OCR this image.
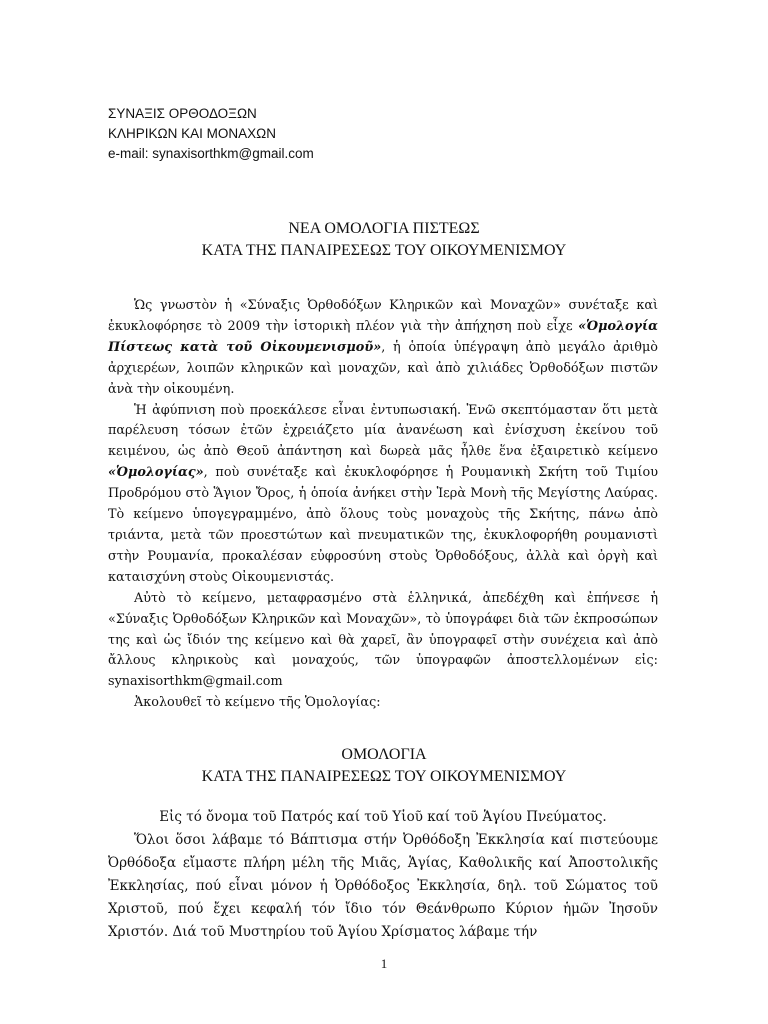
ΣΥΝΑΞΙΣ ΟΡΘΟΔΟΞΩΝ
ΚΛΗΡΙΚΩΝ ΚΑΙ ΜΟΝΑΧΩΝ
e-mail: synaxisorthkm@gmail.com
ΝΕΑ ΟΜΟΛΟΓΙΑ ΠΙΣΤΕΩΣ
ΚΑΤΑ ΤΗΣ ΠΑΝΑΙΡΕΣΕΩΣ ΤΟΥ ΟΙΚΟΥΜΕΝΙΣΜΟΥ

Ὡς γνωστὸν ἡ «Σύναξις Ὀρθοδόξων Κληρικῶν καὶ Μοναχῶν» συνέταξε καὶ ἐκυκλοφόρησε τὸ 2009 τὴν ἱστορικὴ πλέον γιὰ τὴν ἀπήχηση ποὺ εἶχε «Ὁμολογία Πίστεως κατὰ τοῦ Οἰκουμενισμοῦ», ἡ ὁποία ὑπέγραψη ἀπὸ μεγάλο ἀριθμὸ ἀρχιερέων, λοιπῶν κληρικῶν καὶ μοναχῶν, καὶ ἀπὸ χιλιάδες Ὀρθοδόξων πιστῶν ἀνὰ τὴν οἰκουμένη.

Ἡ ἀφύπνιση ποὺ προεκάλεσε εἶναι ἐντυπωσιακή. Ἐνῶ σκεπτόμασταν ὅτι μετὰ παρέλευση τόσων ἐτῶν ἐχρειάζετο μία ἀνανέωση καὶ ἐνίσχυση ἐκείνου τοῦ κειμένου, ὡς ἀπὸ Θεοῦ ἀπάντηση καὶ δωρεὰ μᾶς ἦλθε ἕνα ἐξαιρετικὸ κείμενο «Ὁμολογίας», ποὺ συνέταξε καὶ ἐκυκλοφόρησε ἡ Ρουμανικὴ Σκήτη τοῦ Τιμίου Προδρόμου στὸ Ἅγιον Ὄρος, ἡ ὁποία ἀνήκει στὴν Ἱερὰ Μονὴ τῆς Μεγίστης Λαύρας. Τὸ κείμενο ὑπογεγραμμένο, ἀπὸ ὅλους τοὺς μοναχοὺς τῆς Σκήτης, πάνω ἀπὸ τριάντα, μετὰ τῶν προεστώτων καὶ πνευματικῶν της, ἐκυκλοφορήθη ρουμανιστὶ στὴν Ρουμανία, προκαλέσαν εὐφροσύνη στοὺς Ὀρθοδόξους, ἀλλὰ καὶ ὀργὴ καὶ καταισχύνη στοὺς Οἰκουμενιστάς.

Αὐτὸ τὸ κείμενο, μεταφρασμένο στὰ ἑλληνικά, ἀπεδέχθη καὶ ἐπήνεσε ἡ «Σύναξις Ὀρθοδόξων Κληρικῶν καὶ Μοναχῶν», τὸ ὑπογράφει διὰ τῶν ἐκπροσώπων της καὶ ὡς ἴδιόν της κείμενο καὶ θὰ χαρεῖ, ἂν ὑπογραφεῖ στὴν συνέχεια καὶ ἀπὸ ἄλλους κληρικοὺς καὶ μοναχούς, τῶν ὑπογραφῶν ἀποστελλομένων εἰς: synaxisorthkm@gmail.com

Ἀκολουθεῖ τὸ κείμενο τῆς Ὁμολογίας:

ΟΜΟΛΟΓΙΑ
ΚΑΤΑ ΤΗΣ ΠΑΝΑΙΡΕΣΕΩΣ ΤΟΥ ΟΙΚΟΥΜΕΝΙΣΜΟΥ

Εἰς τό ὄνομα τοῦ Πατρός καί τοῦ Υἱοῦ καί τοῦ Ἁγίου Πνεύματος.

Ὅλοι ὅσοι λάβαμε τό Βάπτισμα στήν Ὀρθόδοξη Ἐκκλησία καί πιστεύουμε Ὀρθόδοξα εἴμαστε πλήρη μέλη τῆς Μιᾶς, Ἁγίας, Καθολικῆς καί Ἀποστολικῆς Ἐκκλησίας, πού εἶναι μόνον ἡ Ὀρθόδοξος Ἐκκλησία, δηλ. τοῦ Σώματος τοῦ Χριστοῦ, πού ἔχει κεφαλή τόν ἴδιο τόν Θεάνθρωπο Κύριον ἡμῶν Ἰησοῦν Χριστόν. Διά τοῦ Μυστηρίου τοῦ Ἁγίου Χρίσματος λάβαμε τήν

1
